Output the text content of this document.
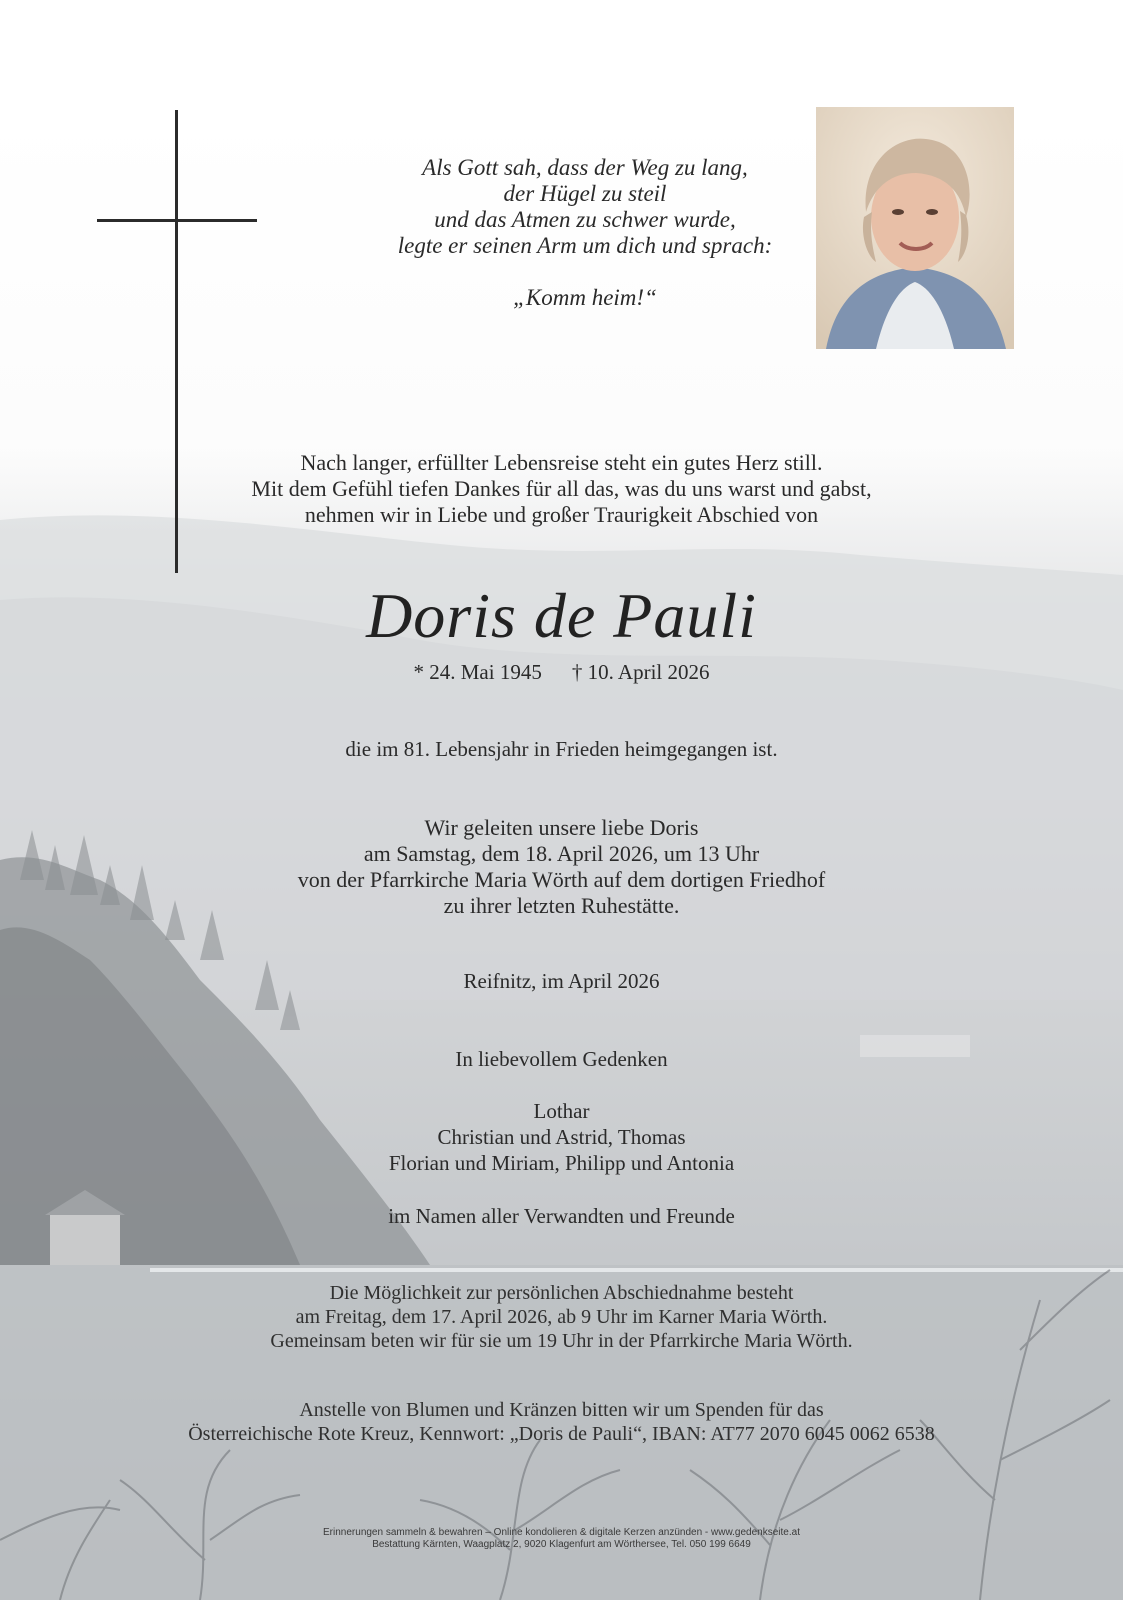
Als Gott sah, dass der Weg zu lang,
der Hügel zu steil
und das Atmen zu schwer wurde,
legte er seinen Arm um dich und sprach:
„Komm heim!“
Nach langer, erfüllter Lebensreise steht ein gutes Herz still.
Mit dem Gefühl tiefen Dankes für all das, was du uns warst und gabst,
nehmen wir in Liebe und großer Traurigkeit Abschied von
Doris de Pauli
* 24. Mai 1945 † 10. April 2026
die im 81. Lebensjahr in Frieden heimgegangen ist.
Wir geleiten unsere liebe Doris
am Samstag, dem 18. April 2026, um 13 Uhr
von der Pfarrkirche Maria Wörth auf dem dortigen Friedhof
zu ihrer letzten Ruhestätte.
Reifnitz, im April 2026
In liebevollem Gedenken
Lothar
Christian und Astrid, Thomas
Florian und Miriam, Philipp und Antonia
im Namen aller Verwandten und Freunde
Die Möglichkeit zur persönlichen Abschiednahme besteht
am Freitag, dem 17. April 2026, ab 9 Uhr im Karner Maria Wörth.
Gemeinsam beten wir für sie um 19 Uhr in der Pfarrkirche Maria Wörth.
Anstelle von Blumen und Kränzen bitten wir um Spenden für das
Österreichische Rote Kreuz, Kennwort: „Doris de Pauli“, IBAN: AT77 2070 6045 0062 6538
Erinnerungen sammeln & bewahren – Online kondolieren & digitale Kerzen anzünden - www.gedenkseite.at
Bestattung Kärnten, Waagplatz 2, 9020 Klagenfurt am Wörthersee, Tel. 050 199 6649
